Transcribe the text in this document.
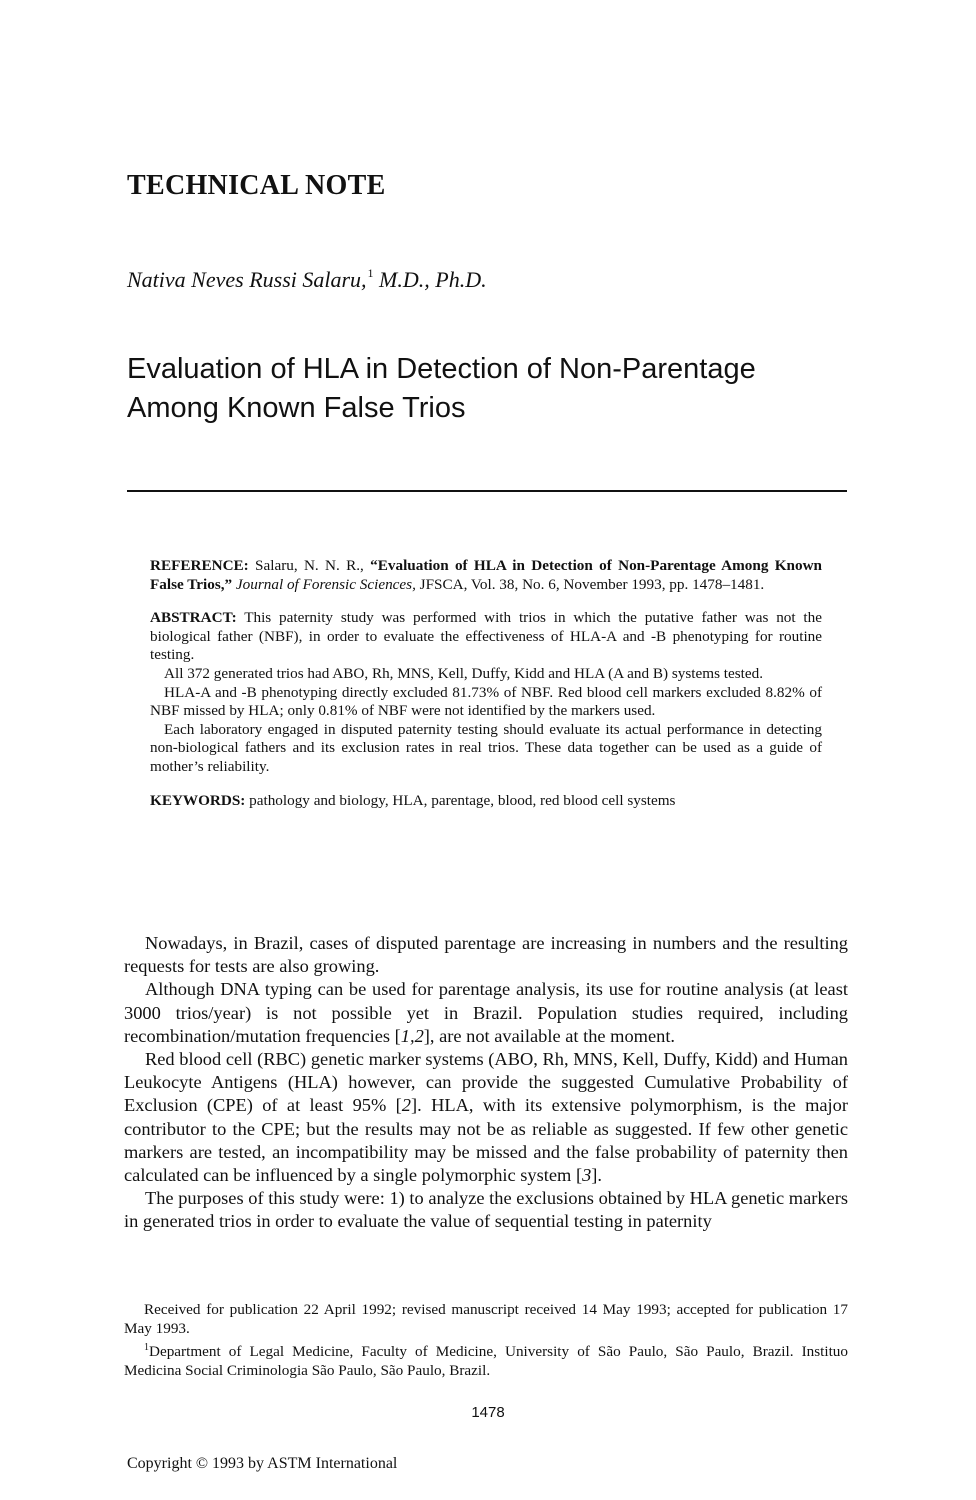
TECHNICAL NOTE
Nativa Neves Russi Salaru,$^1$ M.D., Ph.D.
Evaluation of HLA in Detection of Non-Parentage
Among Known False Trios

REFERENCE: Salaru, N. N. R., “Evaluation of HLA in Detection of Non-Parentage Among Known False Trios,” Journal of Forensic Sciences, JFSCA, Vol. 38, No. 6, November 1993, pp. 1478–1481.

ABSTRACT: This paternity study was performed with trios in which the putative father was not the biological father (NBF), in order to evaluate the effectiveness of HLA-A and -B phenotyping for routine testing.

All 372 generated trios had ABO, Rh, MNS, Kell, Duffy, Kidd and HLA (A and B) systems tested.

HLA-A and -B phenotyping directly excluded 81.73% of NBF. Red blood cell markers excluded 8.82% of NBF missed by HLA; only 0.81% of NBF were not identified by the markers used.

Each laboratory engaged in disputed paternity testing should evaluate its actual performance in detecting non-biological fathers and its exclusion rates in real trios. These data together can be used as a guide of mother’s reliability.

KEYWORDS: pathology and biology, HLA, parentage, blood, red blood cell systems

Nowadays, in Brazil, cases of disputed parentage are increasing in numbers and the resulting requests for tests are also growing.

Although DNA typing can be used for parentage analysis, its use for routine analysis (at least 3000 trios/year) is not possible yet in Brazil. Population studies required, including recombination/mutation frequencies [1,2], are not available at the moment.

Red blood cell (RBC) genetic marker systems (ABO, Rh, MNS, Kell, Duffy, Kidd) and Human Leukocyte Antigens (HLA) however, can provide the suggested Cumulative Probability of Exclusion (CPE) of at least 95% [2]. HLA, with its extensive polymorphism, is the major contributor to the CPE; but the results may not be as reliable as suggested. If few other genetic markers are tested, an incompatibility may be missed and the false probability of paternity then calculated can be influenced by a single polymorphic system [3].

The purposes of this study were: 1) to analyze the exclusions obtained by HLA genetic markers in generated trios in order to evaluate the value of sequential testing in paternity

Received for publication 22 April 1992; revised manuscript received 14 May 1993; accepted for publication 17 May 1993.

$^1$Department of Legal Medicine, Faculty of Medicine, University of São Paulo, São Paulo, Brazil. Instituo Medicina Social Criminologia São Paulo, São Paulo, Brazil.

1478
Copyright © 1993 by ASTM International
